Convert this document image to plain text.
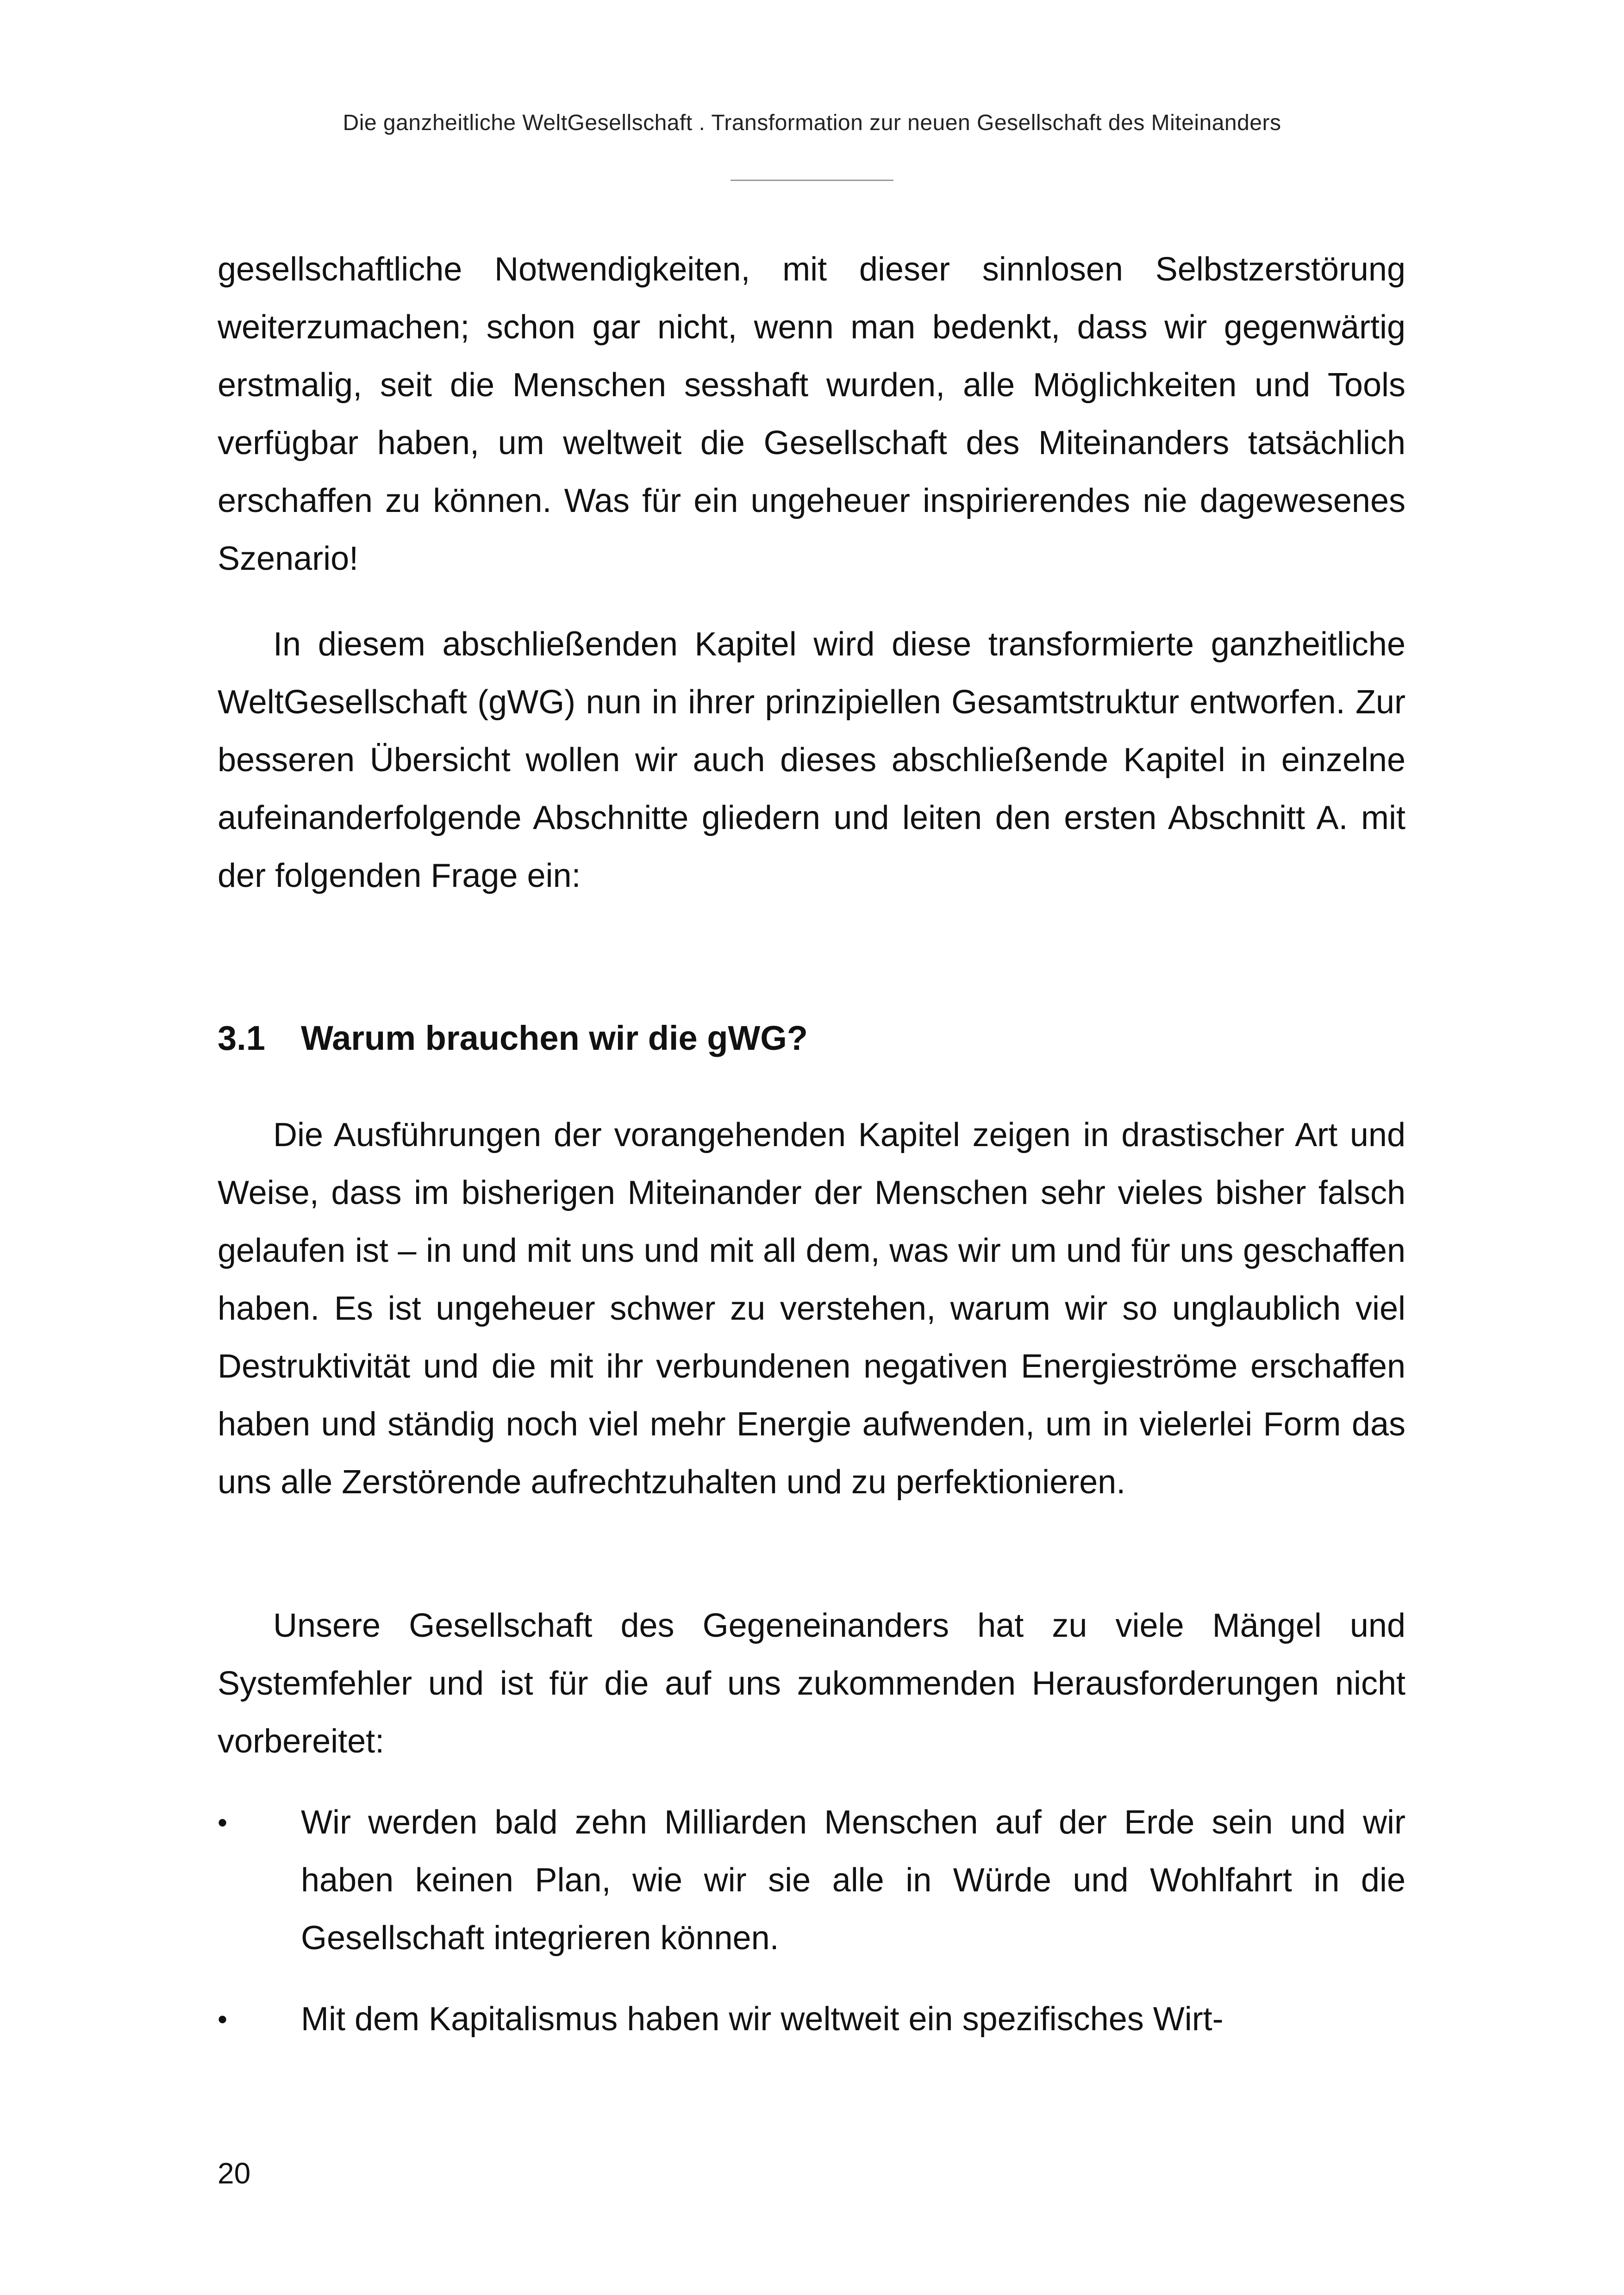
Die ganzheitliche WeltGesellschaft . Transformation zur neuen Gesellschaft des Miteinanders
gesellschaftliche Notwendigkeiten, mit dieser sinnlosen Selbstzerstörung weiterzumachen; schon gar nicht, wenn man bedenkt, dass wir gegenwärtig erstmalig, seit die Menschen sesshaft wurden, alle Möglichkeiten und Tools verfügbar haben, um weltweit die Gesellschaft des Miteinanders tatsächlich erschaffen zu können. Was für ein ungeheuer inspirierendes nie dagewesenes Szenario!
In diesem abschließenden Kapitel wird diese transformierte ganzheitliche WeltGesellschaft (gWG) nun in ihrer prinzipiellen Gesamtstruktur entworfen. Zur besseren Übersicht wollen wir auch dieses abschließende Kapitel in einzelne aufeinanderfolgende Abschnitte gliedern und leiten den ersten Abschnitt A. mit der folgenden Frage ein:
3.1 Warum brauchen wir die gWG?
Die Ausführungen der vorangehenden Kapitel zeigen in drastischer Art und Weise, dass im bisherigen Miteinander der Menschen sehr vieles bisher falsch gelaufen ist – in und mit uns und mit all dem, was wir um und für uns geschaffen haben. Es ist ungeheuer schwer zu verstehen, warum wir so unglaublich viel Destruktivität und die mit ihr verbundenen negativen Energieströme erschaffen haben und ständig noch viel mehr Energie aufwenden, um in vielerlei Form das uns alle Zerstörende aufrechtzuhalten und zu perfektionieren.
Unsere Gesellschaft des Gegeneinanders hat zu viele Mängel und Systemfehler und ist für die auf uns zukommenden Herausforderungen nicht vorbereitet:
•	Wir werden bald zehn Milliarden Menschen auf der Erde sein und wir haben keinen Plan, wie wir sie alle in Würde und Wohlfahrt in die Gesellschaft integrieren können.
•	Mit dem Kapitalismus haben wir weltweit ein spezifisches Wirt-
20
